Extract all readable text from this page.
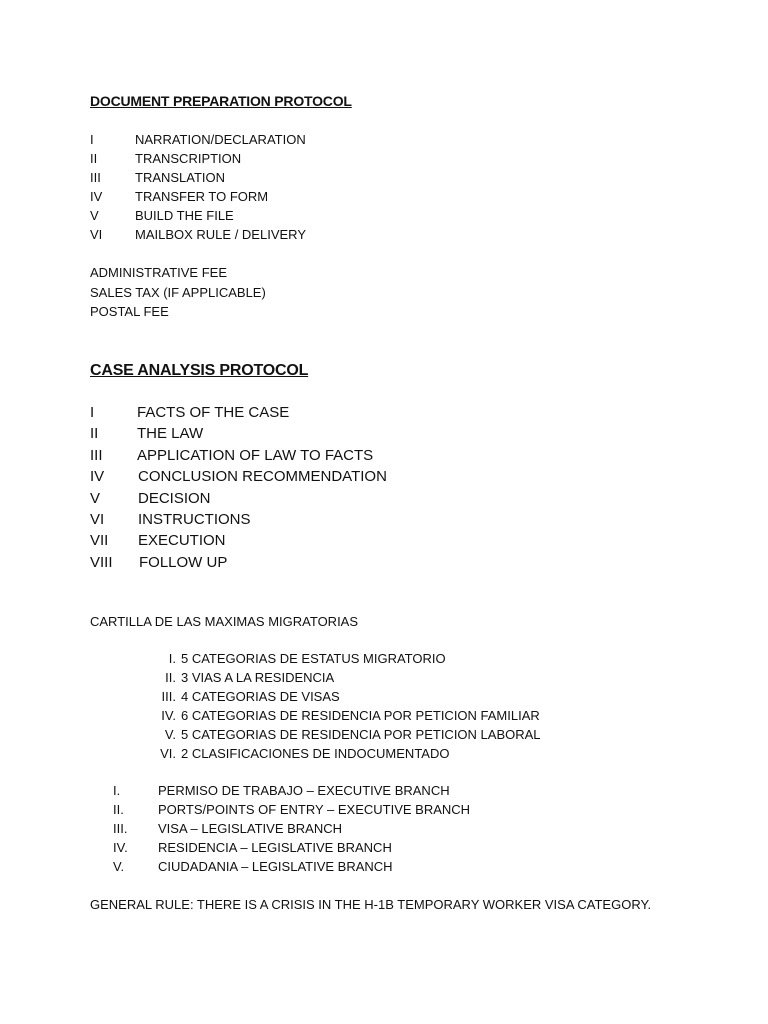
DOCUMENT PREPARATION PROTOCOL
I	NARRATION/DECLARATION
II	TRANSCRIPTION
III	TRANSLATION
IV	TRANSFER TO FORM
V	BUILD THE FILE
VI	MAILBOX RULE / DELIVERY
ADMINISTRATIVE FEE
SALES TAX (IF APPLICABLE)
POSTAL FEE
CASE ANALYSIS PROTOCOL
I	FACTS OF THE CASE
II	THE LAW
III APPLICATION OF LAW TO FACTS
IV CONCLUSION RECOMMENDATION
V	DECISION
VI INSTRUCTIONS
VII EXECUTION
VIII FOLLOW UP
CARTILLA DE LAS MAXIMAS MIGRATORIAS
I. 5 CATEGORIAS DE ESTATUS MIGRATORIO
II. 3 VIAS A LA RESIDENCIA
III. 4 CATEGORIAS DE VISAS
IV. 6 CATEGORIAS DE RESIDENCIA POR PETICION FAMILIAR
V. 5 CATEGORIAS DE RESIDENCIA POR PETICION LABORAL
VI. 2 CLASIFICACIONES DE INDOCUMENTADO
I.	PERMISO DE TRABAJO – EXECUTIVE BRANCH
II.	PORTS/POINTS OF ENTRY – EXECUTIVE BRANCH
III. VISA – LEGISLATIVE BRANCH
IV. RESIDENCIA – LEGISLATIVE BRANCH
V.	CIUDADANIA – LEGISLATIVE BRANCH
GENERAL RULE: THERE IS A CRISIS IN THE H-1B TEMPORARY WORKER VISA CATEGORY.
